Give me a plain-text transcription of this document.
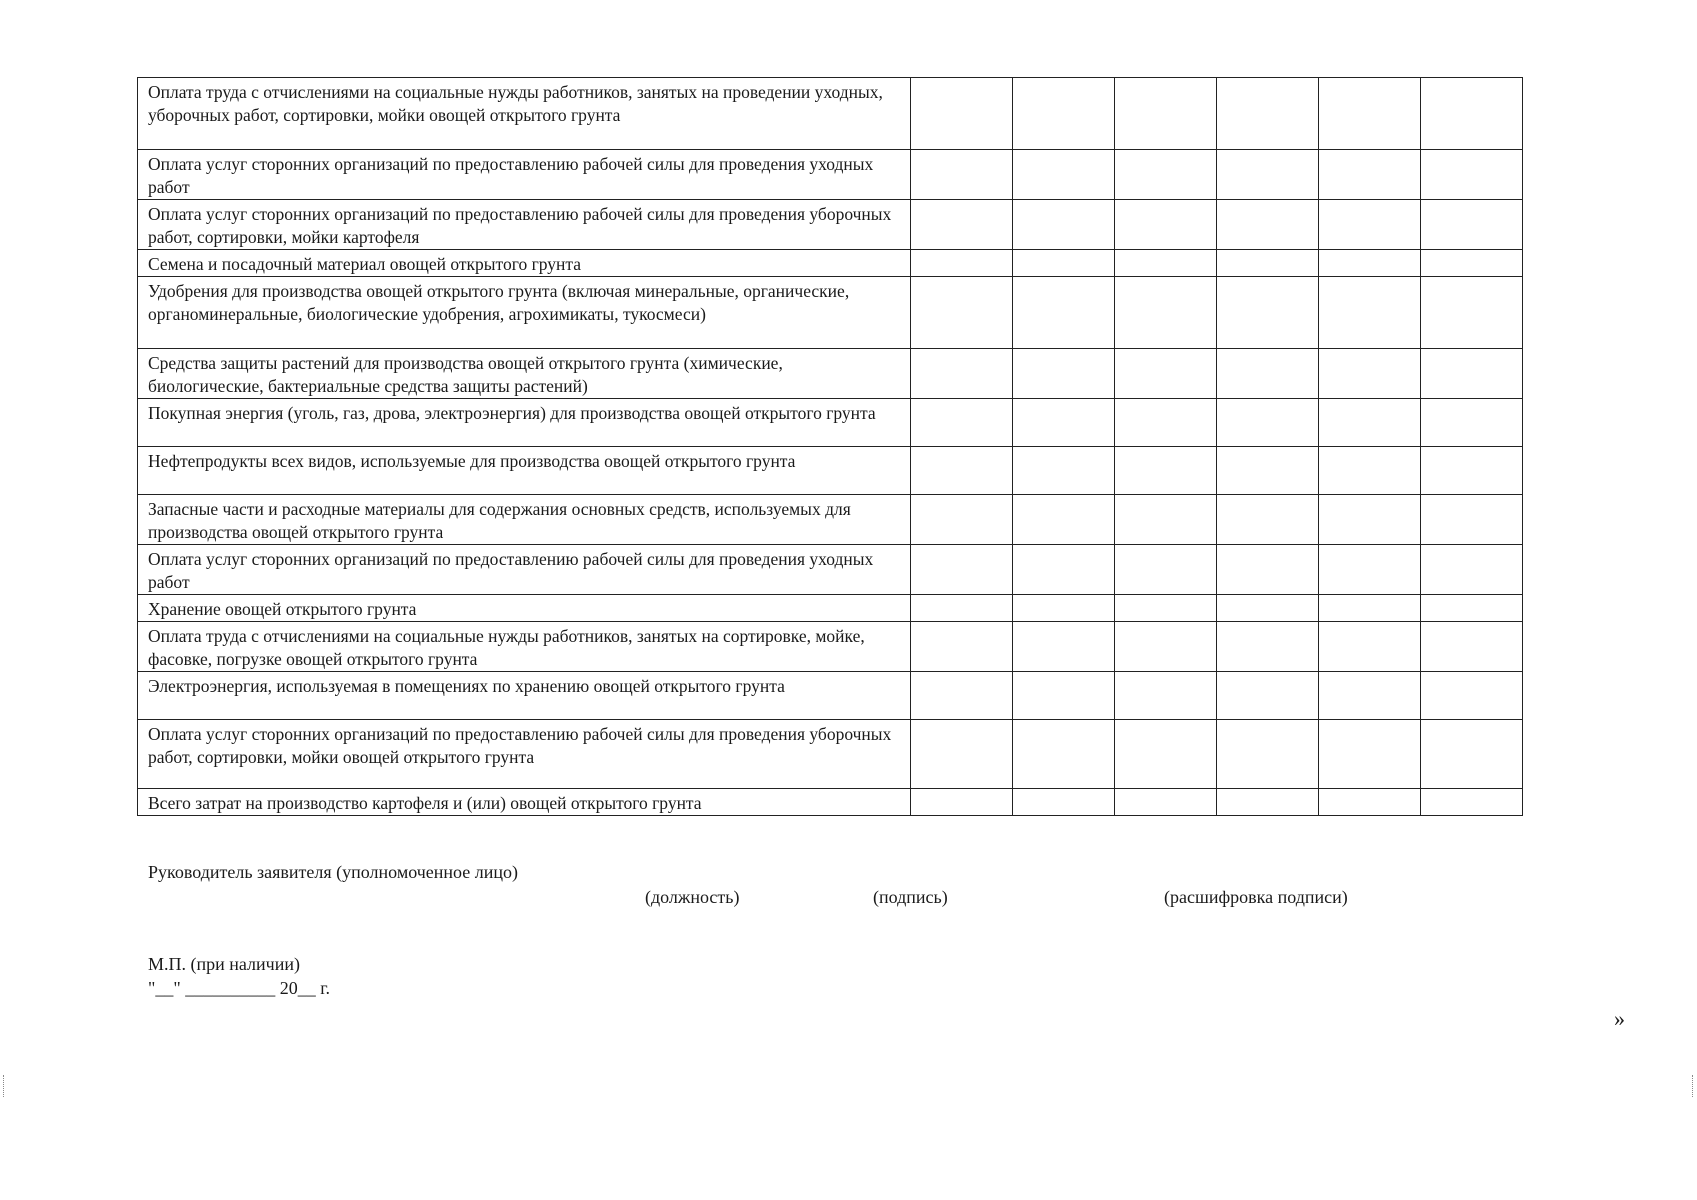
Оплата труда с отчислениями на социальные нужды работников, занятых на проведении уходных, уборочных работ, сортировки, мойки овощей открытого грунта						
Оплата услуг сторонних организаций по предоставлению рабочей силы для проведения уходных работ						
Оплата услуг сторонних организаций по предоставлению рабочей силы для проведения уборочных работ, сортировки, мойки картофеля						
Семена и посадочный материал овощей открытого грунта						
Удобрения для производства овощей открытого грунта (включая минеральные, органические, органоминеральные, биологические удобрения, агрохимикаты, тукосмеси)						
Средства защиты растений для производства овощей открытого грунта (химические, биологические, бактериальные средства защиты растений)						
Покупная энергия (уголь, газ, дрова, электроэнергия) для производства овощей открытого грунта						
Нефтепродукты всех видов, используемые для производства овощей открытого грунта						
Запасные части и расходные материалы для содержания основных средств, используемых для производства овощей открытого грунта						
Оплата услуг сторонних организаций по предоставлению рабочей силы для проведения уходных работ						
Хранение овощей открытого грунта						
Оплата труда с отчислениями на социальные нужды работников, занятых на сортировке, мойке, фасовке, погрузке овощей открытого грунта						
Электроэнергия, используемая в помещениях по хранению овощей открытого грунта						
Оплата услуг сторонних организаций по предоставлению рабочей силы для проведения уборочных работ, сортировки, мойки овощей открытого грунта						
Всего затрат на производство картофеля и (или) овощей открытого грунта						
Руководитель заявителя (уполномоченное лицо)
(должность)	(подпись)	(расшифровка подписи)
М.П. (при наличии)
"__" __________ 20__ г.
»
